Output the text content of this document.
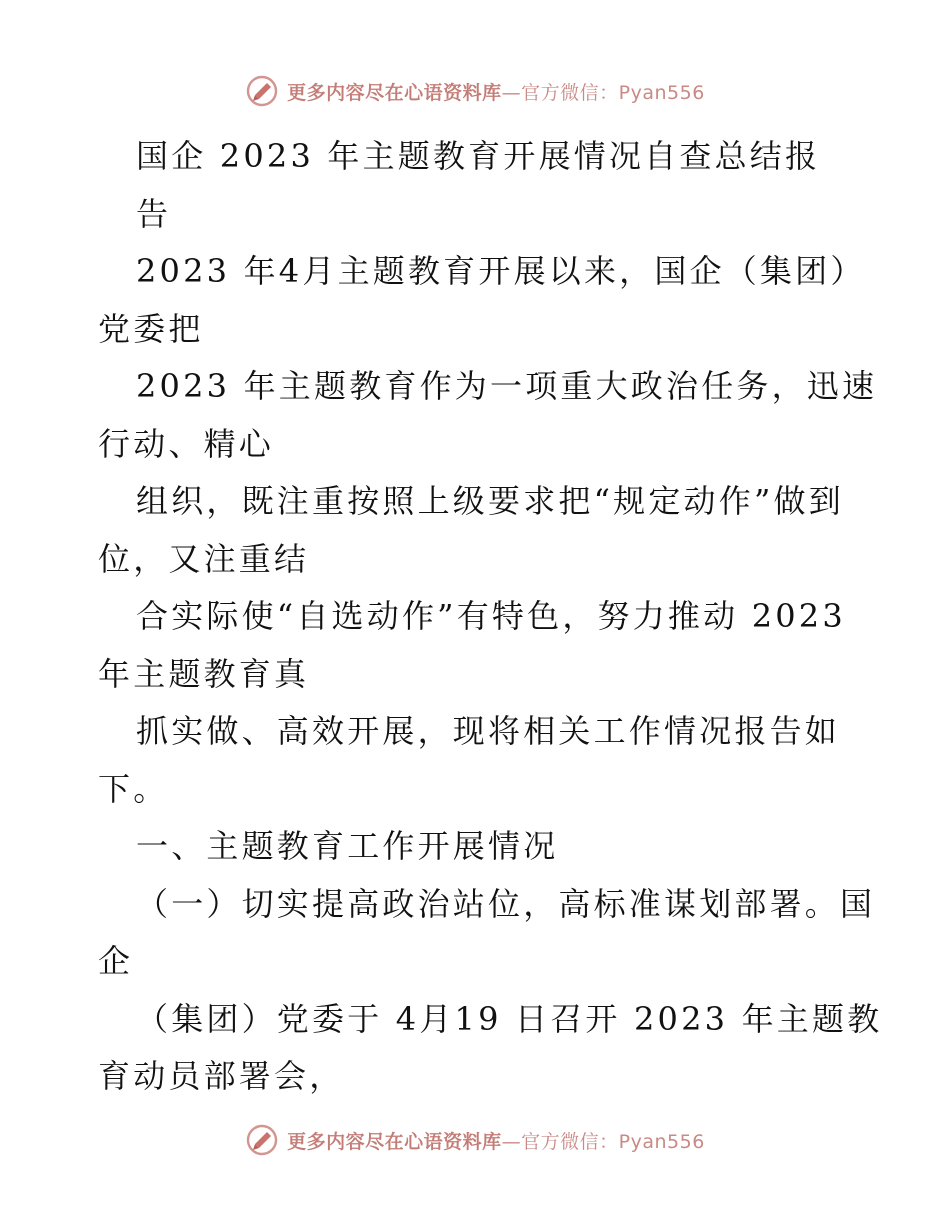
更多内容尽在心语资料库—官方微信：Pyan556
国企 2023 年主题教育开展情况自查总结报
告
2023 年4月主题教育开展以来，国企（集团）
党委把
2023 年主题教育作为一项重大政治任务，迅速
行动、精心
组织，既注重按照上级要求把“规定动作”做到
位，又注重结
合实际使“自选动作”有特色，努力推动 2023
年主题教育真
抓实做、高效开展，现将相关工作情况报告如
下。
一、主题教育工作开展情况
（一）切实提高政治站位，高标准谋划部署。国
企
（集团）党委于 4月19 日召开 2023 年主题教
育动员部署会，
更多内容尽在心语资料库—官方微信：Pyan556
